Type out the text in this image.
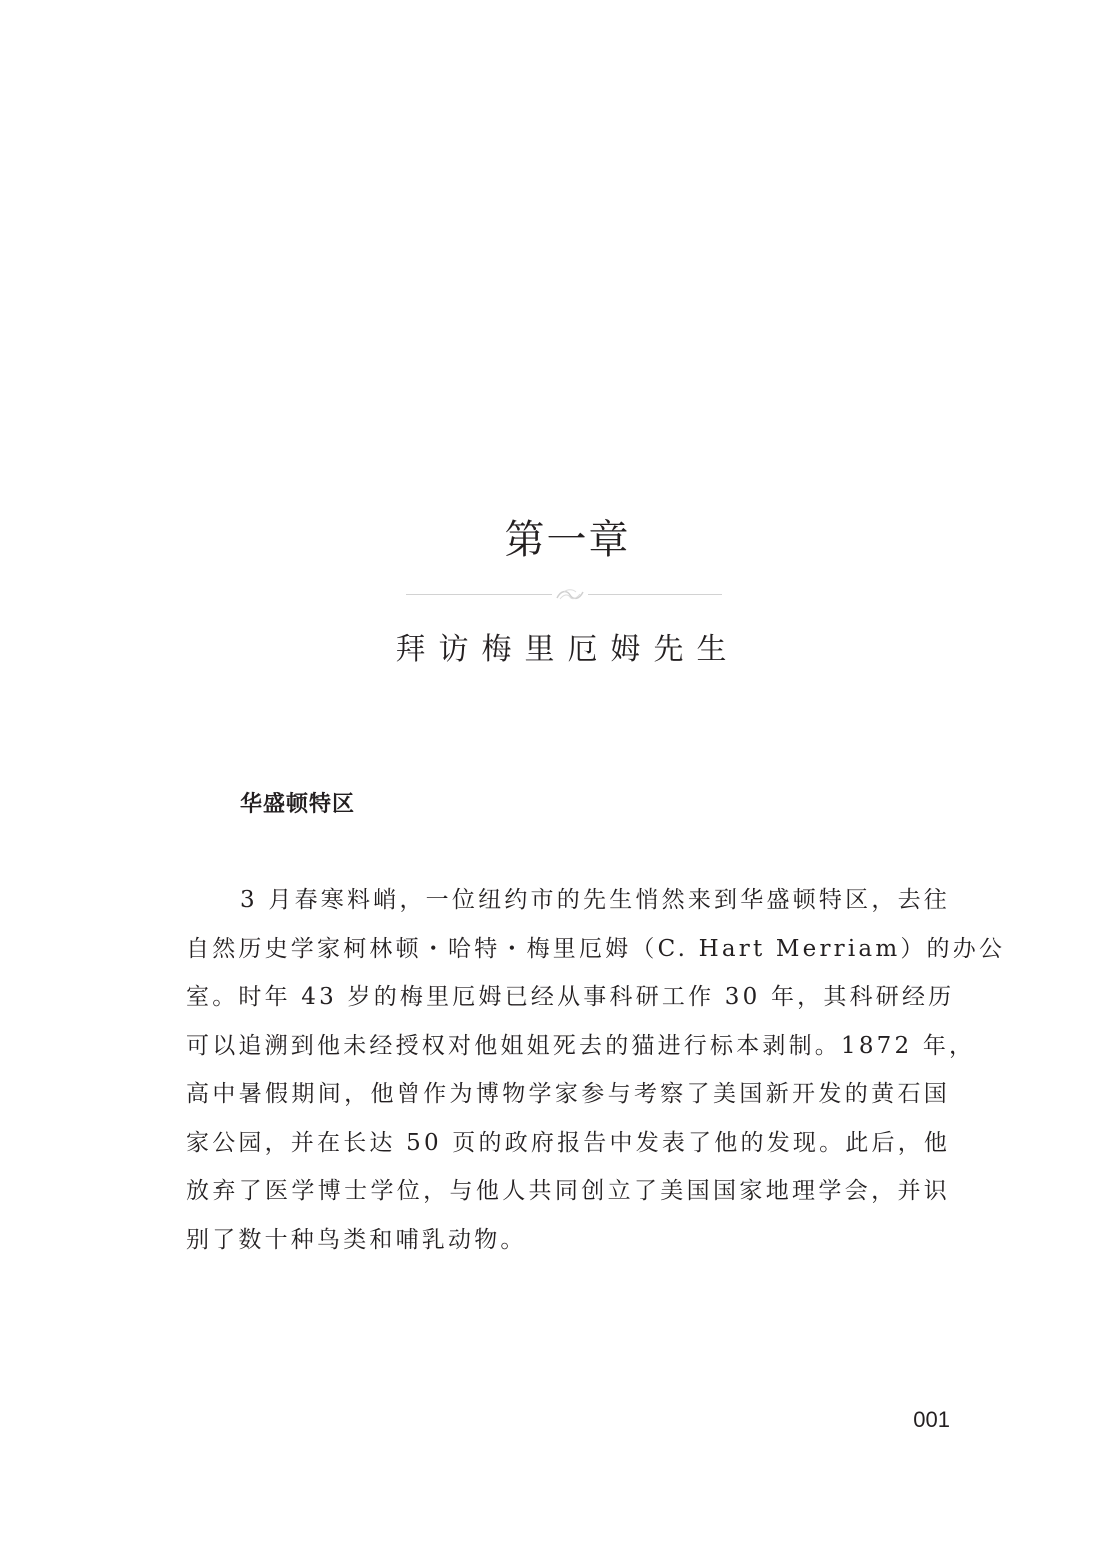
第一章
拜访梅里厄姆先生
华盛顿特区
3 月春寒料峭，一位纽约市的先生悄然来到华盛顿特区，去往
自然历史学家柯林顿・哈特・梅里厄姆（C. Hart Merriam）的办公
室。时年 43 岁的梅里厄姆已经从事科研工作 30 年，其科研经历
可以追溯到他未经授权对他姐姐死去的猫进行标本剥制。1872 年，
高中暑假期间，他曾作为博物学家参与考察了美国新开发的黄石国
家公园，并在长达 50 页的政府报告中发表了他的发现。此后，他
放弃了医学博士学位，与他人共同创立了美国国家地理学会，并识
别了数十种鸟类和哺乳动物。
001
